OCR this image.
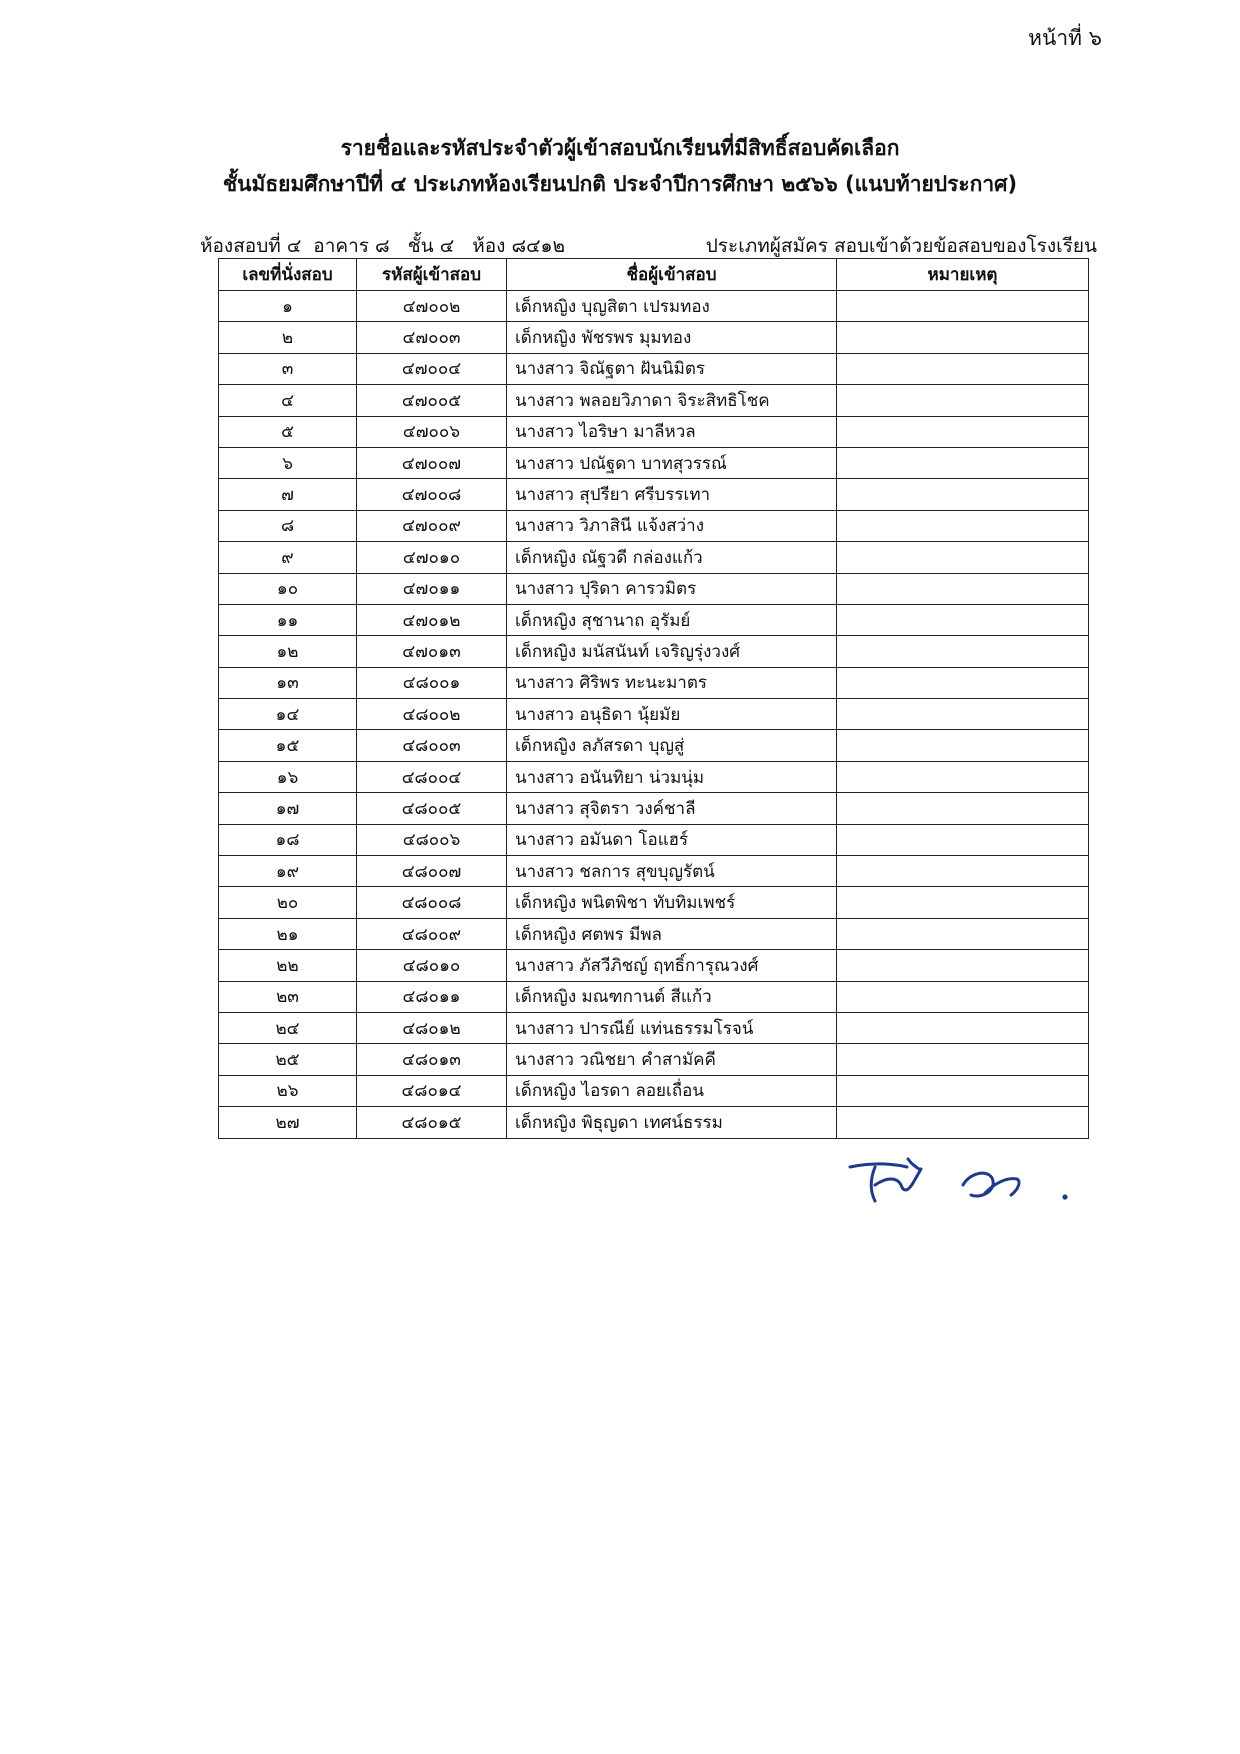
หน้าที่ ๖
รายชื่อและรหัสประจำตัวผู้เข้าสอบนักเรียนที่มีสิทธิ์สอบคัดเลือก
ชั้นมัธยมศึกษาปีที่ ๔ ประเภทห้องเรียนปกติ ประจำปีการศึกษา ๒๕๖๖ (แนบท้ายประกาศ)
ห้องสอบที่ ๔  อาคาร ๘   ชั้น ๔   ห้อง ๘๔๑๒	ประเภทผู้สมัคร สอบเข้าด้วยข้อสอบของโรงเรียน
เลขที่นั่งสอบ	รหัสผู้เข้าสอบ	ชื่อผู้เข้าสอบ	หมายเหตุ
๑	๔๗๐๐๒	เด็กหญิง บุญสิตา เปรมทอง	
๒	๔๗๐๐๓	เด็กหญิง พัชรพร มุมทอง	
๓	๔๗๐๐๔	นางสาว จิณัฐตา ฝันนิมิตร	
๔	๔๗๐๐๕	นางสาว พลอยวิภาดา จิระสิทธิโชค	
๕	๔๗๐๐๖	นางสาว ไอริษา มาลีหวล	
๖	๔๗๐๐๗	นางสาว ปณัฐดา บาทสุวรรณ์	
๗	๔๗๐๐๘	นางสาว สุปรียา ศรีบรรเทา	
๘	๔๗๐๐๙	นางสาว วิภาสินี แจ้งสว่าง	
๙	๔๗๐๑๐	เด็กหญิง ณัฐวดี กล่องแก้ว	
๑๐	๔๗๐๑๑	นางสาว ปุริดา คารวมิตร	
๑๑	๔๗๐๑๒	เด็กหญิง สุชานาถ อุรัมย์	
๑๒	๔๗๐๑๓	เด็กหญิง มนัสนันท์ เจริญรุ่งวงศ์	
๑๓	๔๘๐๐๑	นางสาว ศิริพร ทะนะมาตร	
๑๔	๔๘๐๐๒	นางสาว อนุธิดา นุ้ยมัย	
๑๕	๔๘๐๐๓	เด็กหญิง ลภัสรดา บุญสู่	
๑๖	๔๘๐๐๔	นางสาว อนันทิยา น่วมนุ่ม	
๑๗	๔๘๐๐๕	นางสาว สุจิตรา วงค์ชาลี	
๑๘	๔๘๐๐๖	นางสาว อมันดา โอแฮร์	
๑๙	๔๘๐๐๗	นางสาว ชลการ สุขบุญรัตน์	
๒๐	๔๘๐๐๘	เด็กหญิง พนิตพิชา ทับทิมเพชร์	
๒๑	๔๘๐๐๙	เด็กหญิง ศตพร มีพล	
๒๒	๔๘๐๑๐	นางสาว ภัสวีภิชญ์ ฤทธิ์การุณวงศ์	
๒๓	๔๘๐๑๑	เด็กหญิง มณฑกานต์ สีแก้ว	
๒๔	๔๘๐๑๒	นางสาว ปารณีย์ แท่นธรรมโรจน์	
๒๕	๔๘๐๑๓	นางสาว วณิชยา คำสามัคคี	
๒๖	๔๘๐๑๔	เด็กหญิง ไอรดา ลอยเถื่อน	
๒๗	๔๘๐๑๕	เด็กหญิง พิธุญดา เทศน์ธรรม	
